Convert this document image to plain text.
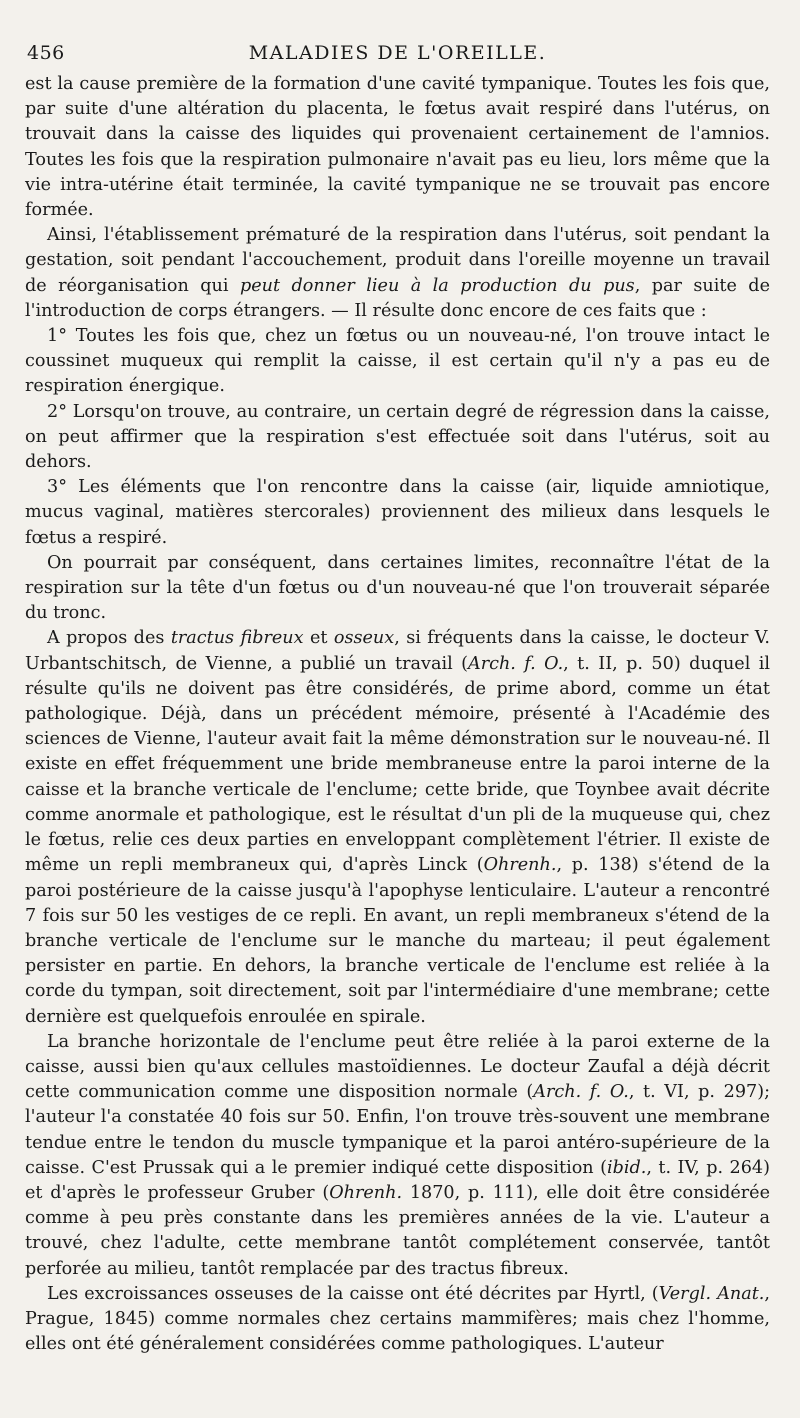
456	MALADIES DE L'OREILLE.

est la cause première de la formation d'une cavité tympanique. Toutes les fois que, par suite d'une altération du placenta, le fœtus avait respiré dans l'utérus, on trouvait dans la caisse des liquides qui provenaient certainement de l'amnios. Toutes les fois que la respiration pulmonaire n'avait pas eu lieu, lors même que la vie intra-utérine était terminée, la cavité tympanique ne se trouvait pas encore formée.

Ainsi, l'établissement prématuré de la respiration dans l'utérus, soit pendant la gestation, soit pendant l'accouchement, produit dans l'oreille moyenne un travail de réorganisation qui peut donner lieu à la production du pus, par suite de l'introduction de corps étrangers. — Il résulte donc encore de ces faits que :

1° Toutes les fois que, chez un fœtus ou un nouveau-né, l'on trouve intact le coussinet muqueux qui remplit la caisse, il est certain qu'il n'y a pas eu de respiration énergique.

2° Lorsqu'on trouve, au contraire, un certain degré de régression dans la caisse, on peut affirmer que la respiration s'est effectuée soit dans l'utérus, soit au dehors.

3° Les éléments que l'on rencontre dans la caisse (air, liquide amniotique, mucus vaginal, matières stercorales) proviennent des milieux dans lesquels le fœtus a respiré.

On pourrait par conséquent, dans certaines limites, reconnaître l'état de la respiration sur la tête d'un fœtus ou d'un nouveau-né que l'on trouverait séparée du tronc.

A propos des tractus fibreux et osseux, si fréquents dans la caisse, le docteur V. Urbantschitsch, de Vienne, a publié un travail (Arch. f. O., t. II, p. 50) duquel il résulte qu'ils ne doivent pas être considérés, de prime abord, comme un état pathologique. Déjà, dans un précédent mémoire, présenté à l'Académie des sciences de Vienne, l'auteur avait fait la même démonstration sur le nouveau-né. Il existe en effet fréquemment une bride membraneuse entre la paroi interne de la caisse et la branche verticale de l'enclume; cette bride, que Toynbee avait décrite comme anormale et pathologique, est le résultat d'un pli de la muqueuse qui, chez le fœtus, relie ces deux parties en enveloppant complètement l'étrier. Il existe de même un repli membraneux qui, d'après Linck (Ohrenh., p. 138) s'étend de la paroi postérieure de la caisse jusqu'à l'apophyse lenticulaire. L'auteur a rencontré 7 fois sur 50 les vestiges de ce repli. En avant, un repli membraneux s'étend de la branche verticale de l'enclume sur le manche du marteau; il peut également persister en partie. En dehors, la branche verticale de l'enclume est reliée à la corde du tympan, soit directement, soit par l'intermédiaire d'une membrane; cette dernière est quelquefois enroulée en spirale.

La branche horizontale de l'enclume peut être reliée à la paroi externe de la caisse, aussi bien qu'aux cellules mastoïdiennes. Le docteur Zaufal a déjà décrit cette communication comme une disposition normale (Arch. f. O., t. VI, p. 297); l'auteur l'a constatée 40 fois sur 50. Enfin, l'on trouve très-souvent une membrane tendue entre le tendon du muscle tympanique et la paroi antéro-supérieure de la caisse. C'est Prussak qui a le premier indiqué cette disposition (ibid., t. IV, p. 264) et d'après le professeur Gruber (Ohrenh. 1870, p. 111), elle doit être considérée comme à peu près constante dans les premières années de la vie. L'auteur a trouvé, chez l'adulte, cette membrane tantôt complétement conservée, tantôt perforée au milieu, tantôt remplacée par des tractus fibreux.

Les excroissances osseuses de la caisse ont été décrites par Hyrtl, (Vergl. Anat., Prague, 1845) comme normales chez certains mammifères; mais chez l'homme, elles ont été généralement considérées comme pathologiques. L'auteur
